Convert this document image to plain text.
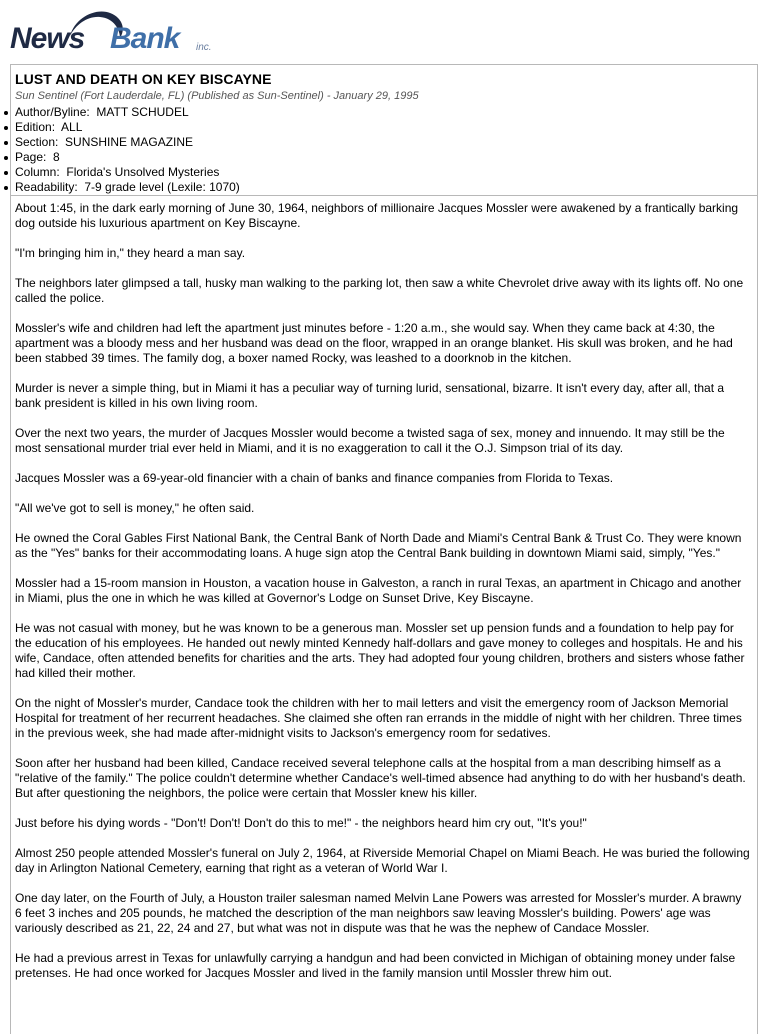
News Bank inc.
LUST AND DEATH ON KEY BISCAYNE
Sun Sentinel (Fort Lauderdale, FL) (Published as Sun-Sentinel) - January 29, 1995
Author/Byline: MATT SCHUDEL
Edition: ALL
Section: SUNSHINE MAGAZINE
Page: 8
Column: Florida's Unsolved Mysteries
Readability: 7-9 grade level (Lexile: 1070)

About 1:45, in the dark early morning of June 30, 1964, neighbors of millionaire Jacques Mossler were awakened by a frantically barking dog outside his luxurious apartment on Key Biscayne.

"I'm bringing him in," they heard a man say.

The neighbors later glimpsed a tall, husky man walking to the parking lot, then saw a white Chevrolet drive away with its lights off. No one called the police.

Mossler's wife and children had left the apartment just minutes before - 1:20 a.m., she would say. When they came back at 4:30, the apartment was a bloody mess and her husband was dead on the floor, wrapped in an orange blanket. His skull was broken, and he had been stabbed 39 times. The family dog, a boxer named Rocky, was leashed to a doorknob in the kitchen.

Murder is never a simple thing, but in Miami it has a peculiar way of turning lurid, sensational, bizarre. It isn't every day, after all, that a bank president is killed in his own living room.

Over the next two years, the murder of Jacques Mossler would become a twisted saga of sex, money and innuendo. It may still be the most sensational murder trial ever held in Miami, and it is no exaggeration to call it the O.J. Simpson trial of its day.

Jacques Mossler was a 69-year-old financier with a chain of banks and finance companies from Florida to Texas.

"All we've got to sell is money," he often said.

He owned the Coral Gables First National Bank, the Central Bank of North Dade and Miami's Central Bank & Trust Co. They were known as the "Yes" banks for their accommodating loans. A huge sign atop the Central Bank building in downtown Miami said, simply, "Yes."

Mossler had a 15-room mansion in Houston, a vacation house in Galveston, a ranch in rural Texas, an apartment in Chicago and another in Miami, plus the one in which he was killed at Governor's Lodge on Sunset Drive, Key Biscayne.

He was not casual with money, but he was known to be a generous man. Mossler set up pension funds and a foundation to help pay for the education of his employees. He handed out newly minted Kennedy half-dollars and gave money to colleges and hospitals. He and his wife, Candace, often attended benefits for charities and the arts. They had adopted four young children, brothers and sisters whose father had killed their mother.

On the night of Mossler's murder, Candace took the children with her to mail letters and visit the emergency room of Jackson Memorial Hospital for treatment of her recurrent headaches. She claimed she often ran errands in the middle of night with her children. Three times in the previous week, she had made after-midnight visits to Jackson's emergency room for sedatives.

Soon after her husband had been killed, Candace received several telephone calls at the hospital from a man describing himself as a "relative of the family." The police couldn't determine whether Candace's well-timed absence had anything to do with her husband's death. But after questioning the neighbors, the police were certain that Mossler knew his killer.

Just before his dying words - "Don't! Don't! Don't do this to me!" - the neighbors heard him cry out, "It's you!"

Almost 250 people attended Mossler's funeral on July 2, 1964, at Riverside Memorial Chapel on Miami Beach. He was buried the following day in Arlington National Cemetery, earning that right as a veteran of World War I.

One day later, on the Fourth of July, a Houston trailer salesman named Melvin Lane Powers was arrested for Mossler's murder. A brawny 6 feet 3 inches and 205 pounds, he matched the description of the man neighbors saw leaving Mossler's building. Powers' age was variously described as 21, 22, 24 and 27, but what was not in dispute was that he was the nephew of Candace Mossler.

He had a previous arrest in Texas for unlawfully carrying a handgun and had been convicted in Michigan of obtaining money under false pretenses. He had once worked for Jacques Mossler and lived in the family mansion until Mossler threw him out.
